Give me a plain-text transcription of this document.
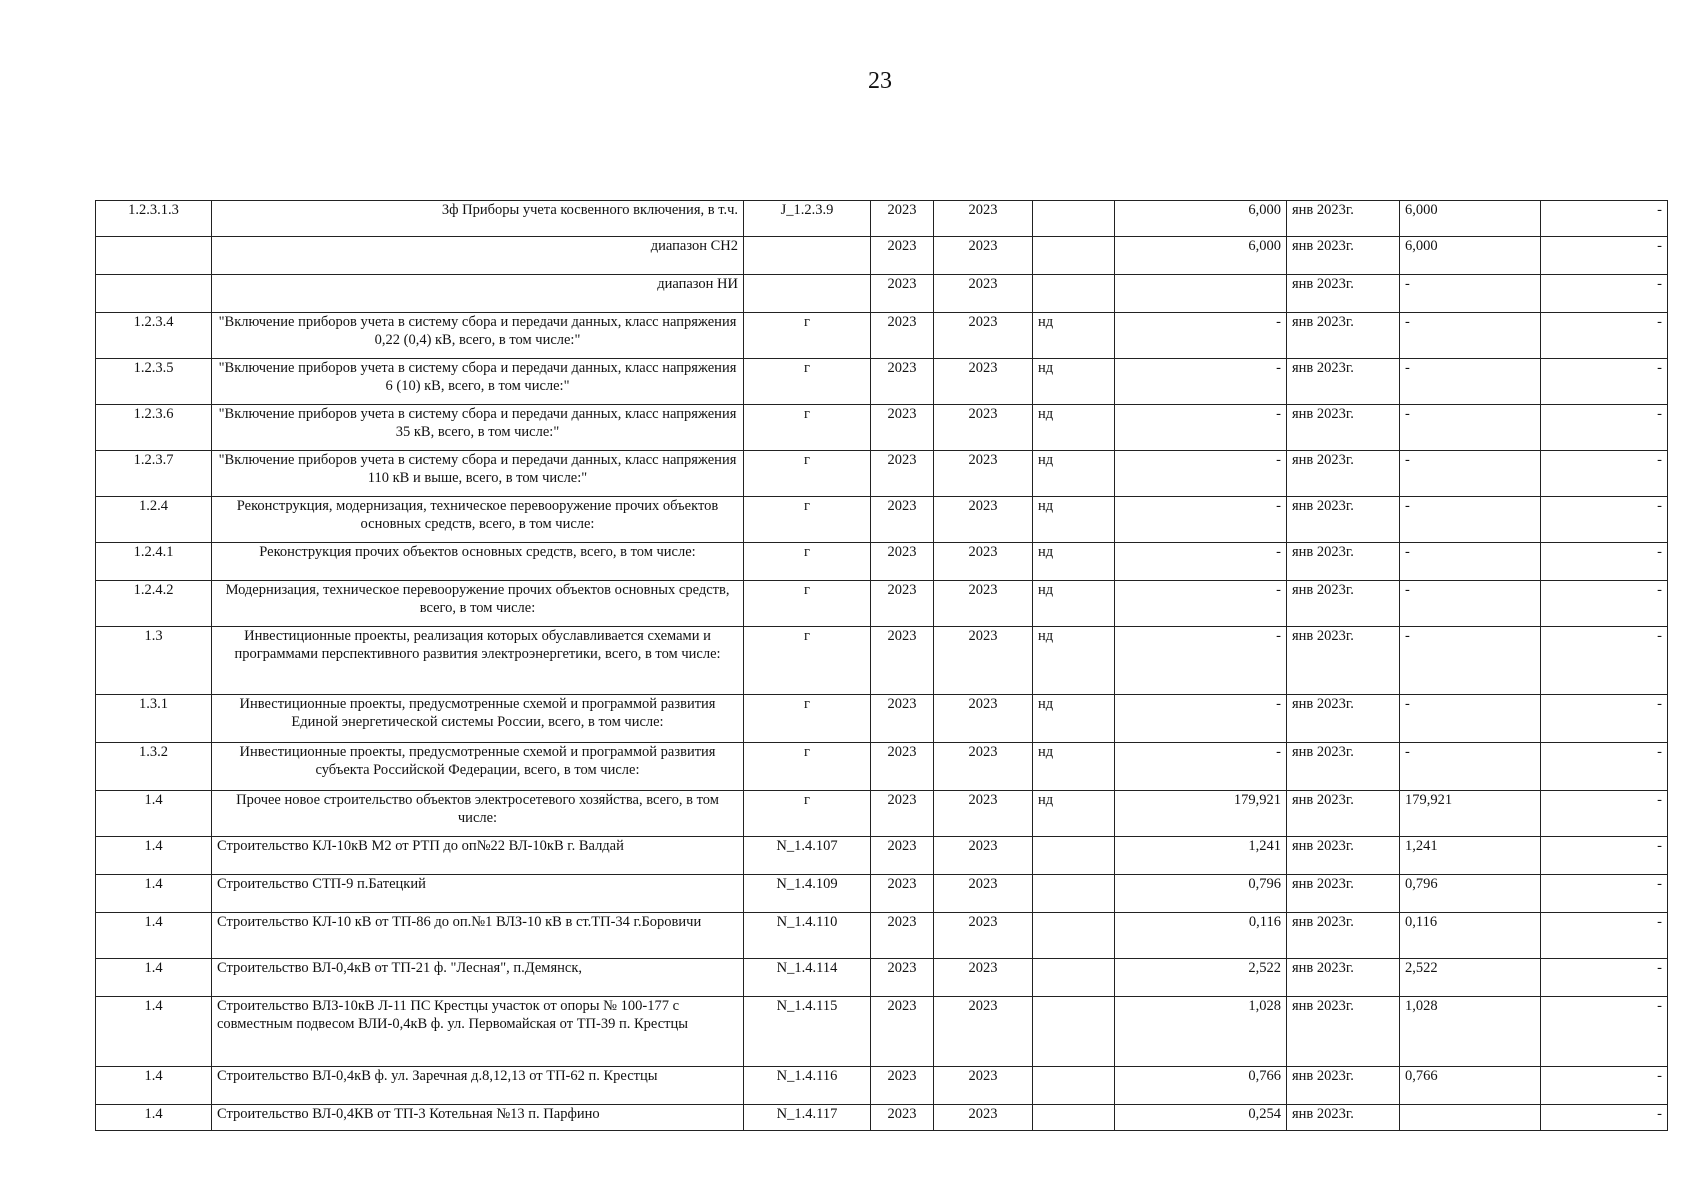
23
1.2.3.1.3	3ф Приборы учета косвенного включения, в т.ч.	J_1.2.3.9	2023	2023		6,000	янв 2023г.	6,000	-
	диапазон СН2		2023	2023		6,000	янв 2023г.	6,000	-
	диапазон НИ		2023	2023			янв 2023г.	-	-
1.2.3.4	"Включение приборов учета в систему сбора и передачи данных, класс напряжения 0,22 (0,4) кВ, всего, в том числе:"	г	2023	2023	нд	-	янв 2023г.	-	-
1.2.3.5	"Включение приборов учета в систему сбора и передачи данных, класс напряжения 6 (10) кВ, всего, в том числе:"	г	2023	2023	нд	-	янв 2023г.	-	-
1.2.3.6	"Включение приборов учета в систему сбора и передачи данных, класс напряжения 35 кВ, всего, в том числе:"	г	2023	2023	нд	-	янв 2023г.	-	-
1.2.3.7	"Включение приборов учета в систему сбора и передачи данных, класс напряжения 110 кВ и выше, всего, в том числе:"	г	2023	2023	нд	-	янв 2023г.	-	-
1.2.4	Реконструкция, модернизация, техническое перевооружение прочих объектов основных средств, всего, в том числе:	г	2023	2023	нд	-	янв 2023г.	-	-
1.2.4.1	Реконструкция прочих объектов основных средств, всего, в том числе:	г	2023	2023	нд	-	янв 2023г.	-	-
1.2.4.2	Модернизация, техническое перевооружение прочих объектов основных средств, всего, в том числе:	г	2023	2023	нд	-	янв 2023г.	-	-
1.3	Инвестиционные проекты, реализация которых обуславливается схемами и программами перспективного развития электроэнергетики, всего, в том числе:	г	2023	2023	нд	-	янв 2023г.	-	-
1.3.1	Инвестиционные проекты, предусмотренные схемой и программой развития Единой энергетической системы России, всего, в том числе:	г	2023	2023	нд	-	янв 2023г.	-	-
1.3.2	Инвестиционные проекты, предусмотренные схемой и программой развития субъекта Российской Федерации, всего, в том числе:	г	2023	2023	нд	-	янв 2023г.	-	-
1.4	Прочее новое строительство объектов электросетевого хозяйства, всего, в том числе:	г	2023	2023	нд	179,921	янв 2023г.	179,921	-
1.4	Строительство КЛ-10кВ М2 от РТП до оп№22 ВЛ-10кВ г. Валдай	N_1.4.107	2023	2023		1,241	янв 2023г.	1,241	-
1.4	Строительство СТП-9 п.Батецкий	N_1.4.109	2023	2023		0,796	янв 2023г.	0,796	-
1.4	Строительство КЛ-10 кВ от ТП-86 до оп.№1 ВЛЗ-10 кВ в ст.ТП-34 г.Боровичи	N_1.4.110	2023	2023		0,116	янв 2023г.	0,116	-
1.4	Строительство ВЛ-0,4кВ от ТП-21 ф. "Лесная", п.Демянск,	N_1.4.114	2023	2023		2,522	янв 2023г.	2,522	-
1.4	Строительство ВЛЗ-10кВ Л-11 ПС Крестцы участок от опоры № 100-177 с совместным подвесом ВЛИ-0,4кВ ф. ул. Первомайская от ТП-39 п. Крестцы	N_1.4.115	2023	2023		1,028	янв 2023г.	1,028	-
1.4	Строительство ВЛ-0,4кВ ф. ул. Заречная д.8,12,13 от ТП-62 п. Крестцы	N_1.4.116	2023	2023		0,766	янв 2023г.	0,766	-
1.4	Строительство ВЛ-0,4КВ от ТП-3 Котельная №13 п. Парфино	N_1.4.117	2023	2023		0,254	янв 2023г.		-
